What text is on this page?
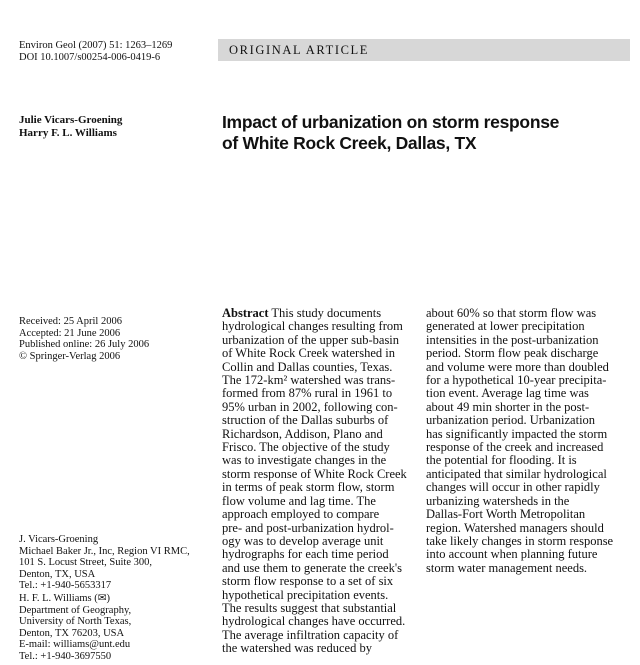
Environ Geol (2007) 51: 1263–1269
DOI 10.1007/s00254-006-0419-6
ORIGINAL ARTICLE
Julie Vicars-Groening
Harry F. L. Williams
Impact of urbanization on storm response
of White Rock Creek, Dallas, TX
Received: 25 April 2006
Accepted: 21 June 2006
Published online: 26 July 2006
© Springer-Verlag 2006
J. Vicars-Groening
Michael Baker Jr., Inc, Region VI RMC,
101 S. Locust Street, Suite 300,
Denton, TX, USA
Tel.: +1-940-5653317
H. F. L. Williams (✉)
Department of Geography,
University of North Texas,
Denton, TX 76203, USA
E-mail: williams@unt.edu
Tel.: +1-940-3697550
Abstract This study documents
hydrological changes resulting from
urbanization of the upper sub-basin
of White Rock Creek watershed in
Collin and Dallas counties, Texas.
The 172-km² watershed was trans-
formed from 87% rural in 1961 to
95% urban in 2002, following con-
struction of the Dallas suburbs of
Richardson, Addison, Plano and
Frisco. The objective of the study
was to investigate changes in the
storm response of White Rock Creek
in terms of peak storm flow, storm
flow volume and lag time. The
approach employed to compare
pre- and post-urbanization hydrol-
ogy was to develop average unit
hydrographs for each time period
and use them to generate the creek's
storm flow response to a set of six
hypothetical precipitation events.
The results suggest that substantial
hydrological changes have occurred.
The average infiltration capacity of
the watershed was reduced by
about 60% so that storm flow was
generated at lower precipitation
intensities in the post-urbanization
period. Storm flow peak discharge
and volume were more than doubled
for a hypothetical 10-year precipita-
tion event. Average lag time was
about 49 min shorter in the post-
urbanization period. Urbanization
has significantly impacted the storm
response of the creek and increased
the potential for flooding. It is
anticipated that similar hydrological
changes will occur in other rapidly
urbanizing watersheds in the
Dallas-Fort Worth Metropolitan
region. Watershed managers should
take likely changes in storm response
into account when planning future
storm water management needs.
